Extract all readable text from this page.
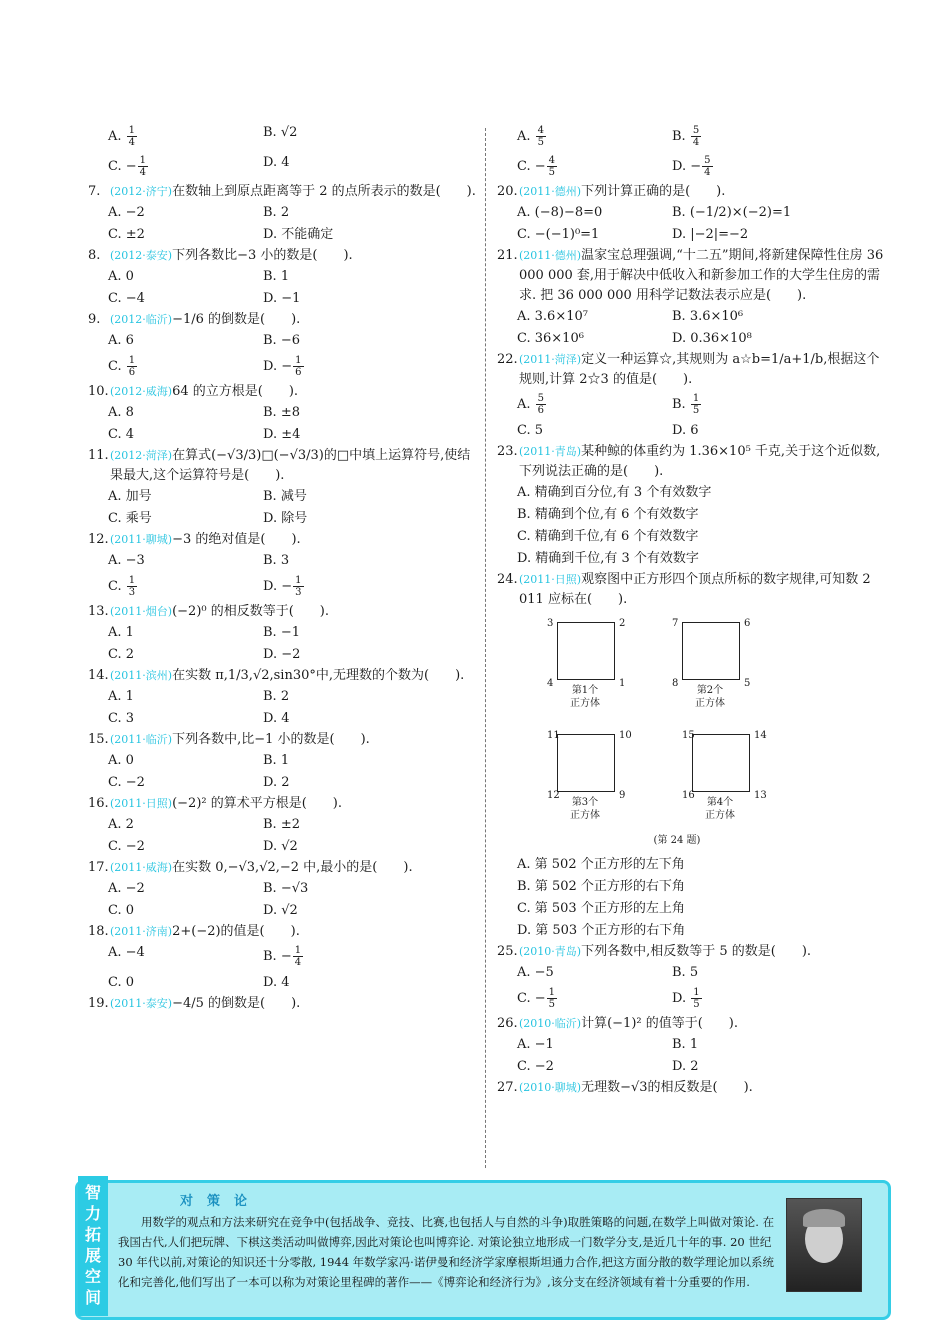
A. $\frac{1}{4}$	B. √2
C. − $\frac{1}{4}$	D. 4
7. (2012·济宁)在数轴上到原点距离等于 2 的点所表示的数是(　　).
A. −2	B. 2
C. ±2	D. 不能确定
8. (2012·泰安)下列各数比−3 小的数是(　　).
A. 0	B. 1
C. −4	D. −1
9. (2012·临沂)−1/6 的倒数是(　　).
A. 6	B. −6
C. $\frac{1}{6}$	D. − $\frac{1}{6}$
10. (2012·威海)64 的立方根是(　　).
A. 8	B. ±8
C. 4	D. ±4
11. (2012·菏泽)在算式(−√3/3)□(−√3/3)的□中填上运算符号,使结果最大,这个运算符号是(　　).
A. 加号	B. 减号
C. 乘号	D. 除号
12. (2011·聊城)−3 的绝对值是(　　).
A. −3	B. 3
C. $\frac{1}{3}$	D. − $\frac{1}{3}$
13. (2011·烟台)(−2)⁰ 的相反数等于(　　).
A. 1	B. −1
C. 2	D. −2
14. (2011·滨州)在实数 π,1/3,√2,sin30°中,无理数的个数为(　　).
A. 1	B. 2
C. 3	D. 4
15. (2011·临沂)下列各数中,比−1 小的数是(　　).
A. 0	B. 1
C. −2	D. 2
16. (2011·日照)(−2)² 的算术平方根是(　　).
A. 2	B. ±2
C. −2	D. √2
17. (2011·威海)在实数 0,−√3,√2,−2 中,最小的是(　　).
A. −2	B. −√3
C. 0	D. √2
18. (2011·济南)2+(−2)的值是(　　).
A. −4	B. − $\frac{1}{4}$
C. 0	D. 4
19. (2011·泰安)−4/5 的倒数是(　　).
A. $\frac{4}{5}$	B. $\frac{5}{4}$
C. − $\frac{4}{5}$	D. − $\frac{5}{4}$
20. (2011·德州)下列计算正确的是(　　).
A. (−8)−8=0	B. (−1/2)×(−2)=1
C. −(−1)⁰=1	D. |−2|=−2
21. (2011·德州)温家宝总理强调,“十二五”期间,将新建保障性住房 36 000 000 套,用于解决中低收入和新参加工作的大学生住房的需求. 把 36 000 000 用科学记数法表示应是(　　).
A. 3.6×10⁷	B. 3.6×10⁶
C. 36×10⁶	D. 0.36×10⁸
22. (2011·菏泽)定义一种运算☆,其规则为 a☆b=1/a+1/b,根据这个规则,计算 2☆3 的值是(　　).
A. $\frac{5}{6}$	B. $\frac{1}{5}$
C. 5	D. 6
23. (2011·青岛)某种鲸的体重约为 1.36×10⁵ 千克,关于这个近似数,下列说法正确的是(　　).
A. 精确到百分位,有 3 个有效数字
B. 精确到个位,有 6 个有效数字
C. 精确到千位,有 6 个有效数字
D. 精确到千位,有 3 个有效数字
24. (2011·日照)观察图中正方形四个顶点所标的数字规律,可知数 2 011 应标在(　　).
3	2
4	1
第1个
正方体
7	6
8	5
第2个
正方体
11	10
12	9
第3个
正方体
15	14
16	13
第4个
正方体
(第 24 题)
A. 第 502 个正方形的左下角
B. 第 502 个正方形的右下角
C. 第 503 个正方形的左上角
D. 第 503 个正方形的右下角
25. (2010·青岛)下列各数中,相反数等于 5 的数是(　　).
A. −5	B. 5
C. − $\frac{1}{5}$	D. $\frac{1}{5}$
26. (2010·临沂)计算(−1)² 的值等于(　　).
A. −1	B. 1
C. −2	D. 2
27. (2010·聊城)无理数−√3的相反数是(　　).
智
力
拓
展
空
间
对策论
用数学的观点和方法来研究在竞争中(包括战争、竞技、比赛,也包括人与自然的斗争)取胜策略的问题,在数学上叫做对策论. 在我国古代,人们把玩牌、下棋这类活动叫做博弈,因此对策论也叫博弈论. 对策论独立地形成一门数学分支,是近几十年的事. 20 世纪 30 年代以前,对策论的知识还十分零散, 1944 年数学家冯·诺伊曼和经济学家摩根斯坦通力合作,把这方面分散的数学理论加以系统化和完善化,他们写出了一本可以称为对策论里程碑的著作——《博弈论和经济行为》,该分支在经济领域有着十分重要的作用.
